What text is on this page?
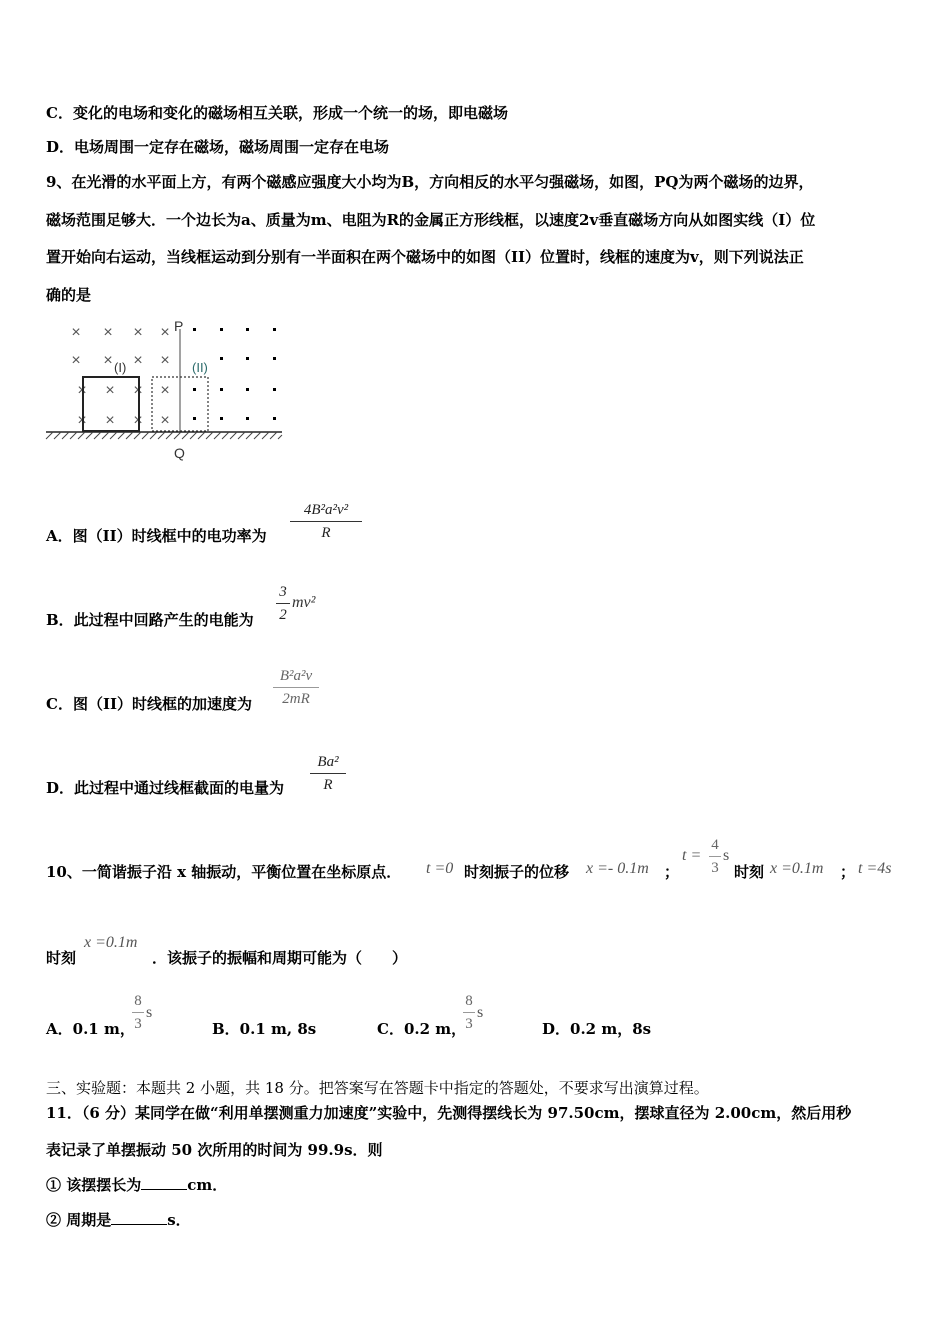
C．变化的电场和变化的磁场相互关联，形成一个统一的场，即电磁场
D．电场周围一定存在磁场，磁场周围一定存在电场
9、在光滑的水平面上方，有两个磁感应强度大小均为B，方向相反的水平匀强磁场，如图，PQ为两个磁场的边界，
磁场范围足够大．一个边长为a、质量为m、电阻为R的金属正方形线框，以速度2v垂直磁场方向从如图实线（I）位
置开始向右运动，当线框运动到分别有一半面积在两个磁场中的如图（II）位置时，线框的速度为v，则下列说法正
确的是
× × × ×
× × × ×
× × × ×
× × × ×
P
Q
(I)	(II)
A．图（II）时线框中的电功率为
4B²a²v²
R
B．此过程中回路产生的电能为
3
2
mv²
C．图（II）时线框的加速度为
B²a²v
2mR
D．此过程中通过线框截面的电量为
Ba²
R
10、一简谐振子沿 x 轴振动，平衡位置在坐标原点． t =0 时刻振子的位移 x =- 0.1m ；
t =
4
3
s
时刻 x =0.1m ； t =4s
时刻
x =0.1m
．该振子的振幅和周期可能为（　　）
A．0.1 m，
8
3
s
B．0.1 m, 8s	C．0.2 m，
8
3
s
D．0.2 m，8s
三、实验题：本题共 2 小题，共 18 分。把答案写在答题卡中指定的答题处，不要求写出演算过程。
11．（6 分）某同学在做“利用单摆测重力加速度”实验中，先测得摆线长为 97.50cm，摆球直径为 2.00cm，然后用秒
表记录了单摆振动 50 次所用的时间为 99.9s．则
① 该摆摆长为	cm．
② 周期是	s．
